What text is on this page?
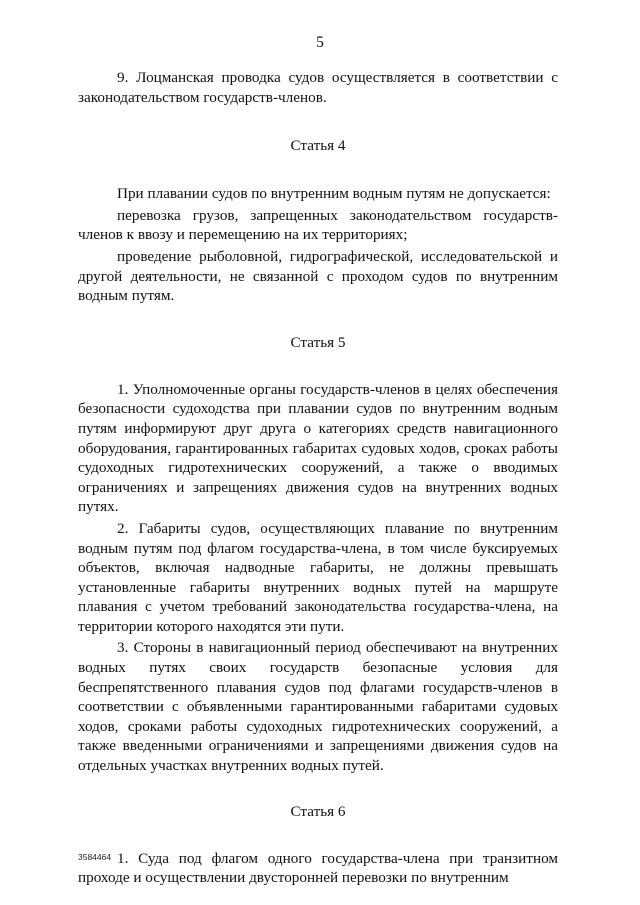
5

9. Лоцманская проводка судов осуществляется в соответствии с законодательством государств-членов.

Статья 4

При плавании судов по внутренним водным путям не допускается:

перевозка грузов, запрещенных законодательством государств-членов к ввозу и перемещению на их территориях;

проведение рыболовной, гидрографической, исследовательской и другой деятельности, не связанной с проходом судов по внутренним водным путям.

Статья 5

1. Уполномоченные органы государств-членов в целях обеспечения безопасности судоходства при плавании судов по внутренним водным путям информируют друг друга о категориях средств навигационного оборудования, гарантированных габаритах судовых ходов, сроках работы судоходных гидротехнических сооружений, а также о вводимых ограничениях и запрещениях движения судов на внутренних водных путях.

2. Габариты судов, осуществляющих плавание по внутренним водным путям под флагом государства-члена, в том числе буксируемых объектов, включая надводные габариты, не должны превышать установленные габариты внутренних водных путей на маршруте плавания с учетом требований законодательства государства-члена, на территории которого находятся эти пути.

3. Стороны в навигационный период обеспечивают на внутренних водных путях своих государств безопасные условия для беспрепятственного плавания судов под флагами государств-членов в соответствии с объявленными гарантированными габаритами судовых ходов, сроками работы судоходных гидротехнических сооружений, а также введенными ограничениями и запрещениями движения судов на отдельных участках внутренних водных путей.

Статья 6

1. Суда под флагом одного государства-члена при транзитном проходе и осуществлении двусторонней перевозки по внутренним

3584464
